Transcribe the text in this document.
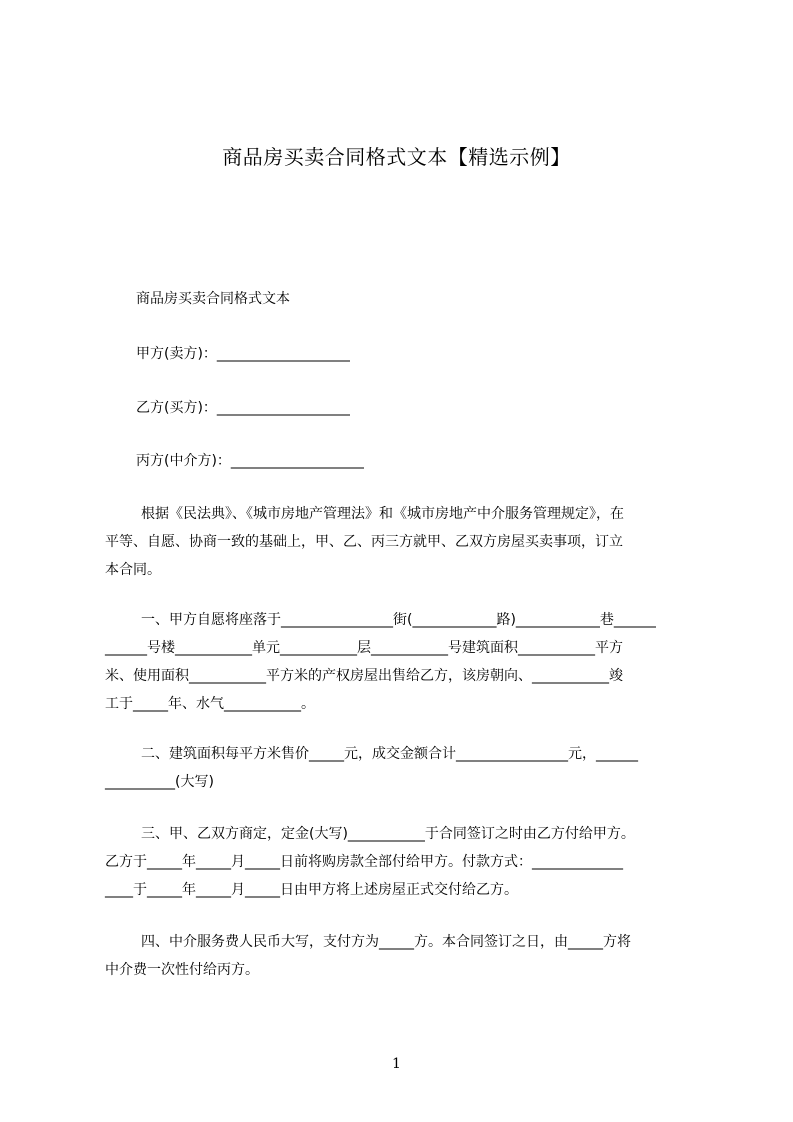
商品房买卖合同格式文本【精选示例】
商品房买卖合同格式文本
甲方(卖方)：___________________
乙方(买方)：___________________
丙方(中介方)：___________________

根据《民法典》、《城市房地产管理法》和《城市房地产中介服务管理规定》，在

平等、自愿、协商一致的基础上，甲、乙、丙三方就甲、乙双方房屋买卖事项，订立

本合同。

一、甲方自愿将座落于________________街(____________路)____________巷______

______号楼___________单元___________层___________号建筑面积___________平方

米、使用面积___________平方米的产权房屋出售给乙方，该房朝向、___________竣

工于_____年、水气___________。

二、建筑面积每平方米售价_____元，成交金额合计________________元，______

__________(大写)

三、甲、乙双方商定，定金(大写)___________于合同签订之时由乙方付给甲方。

乙方于_____年_____月_____日前将购房款全部付给甲方。付款方式：_____________

____于_____年_____月_____日由甲方将上述房屋正式交付给乙方。

四、中介服务费人民币大写，支付方为_____方。本合同签订之日，由_____方将

中介费一次性付给丙方。

1
